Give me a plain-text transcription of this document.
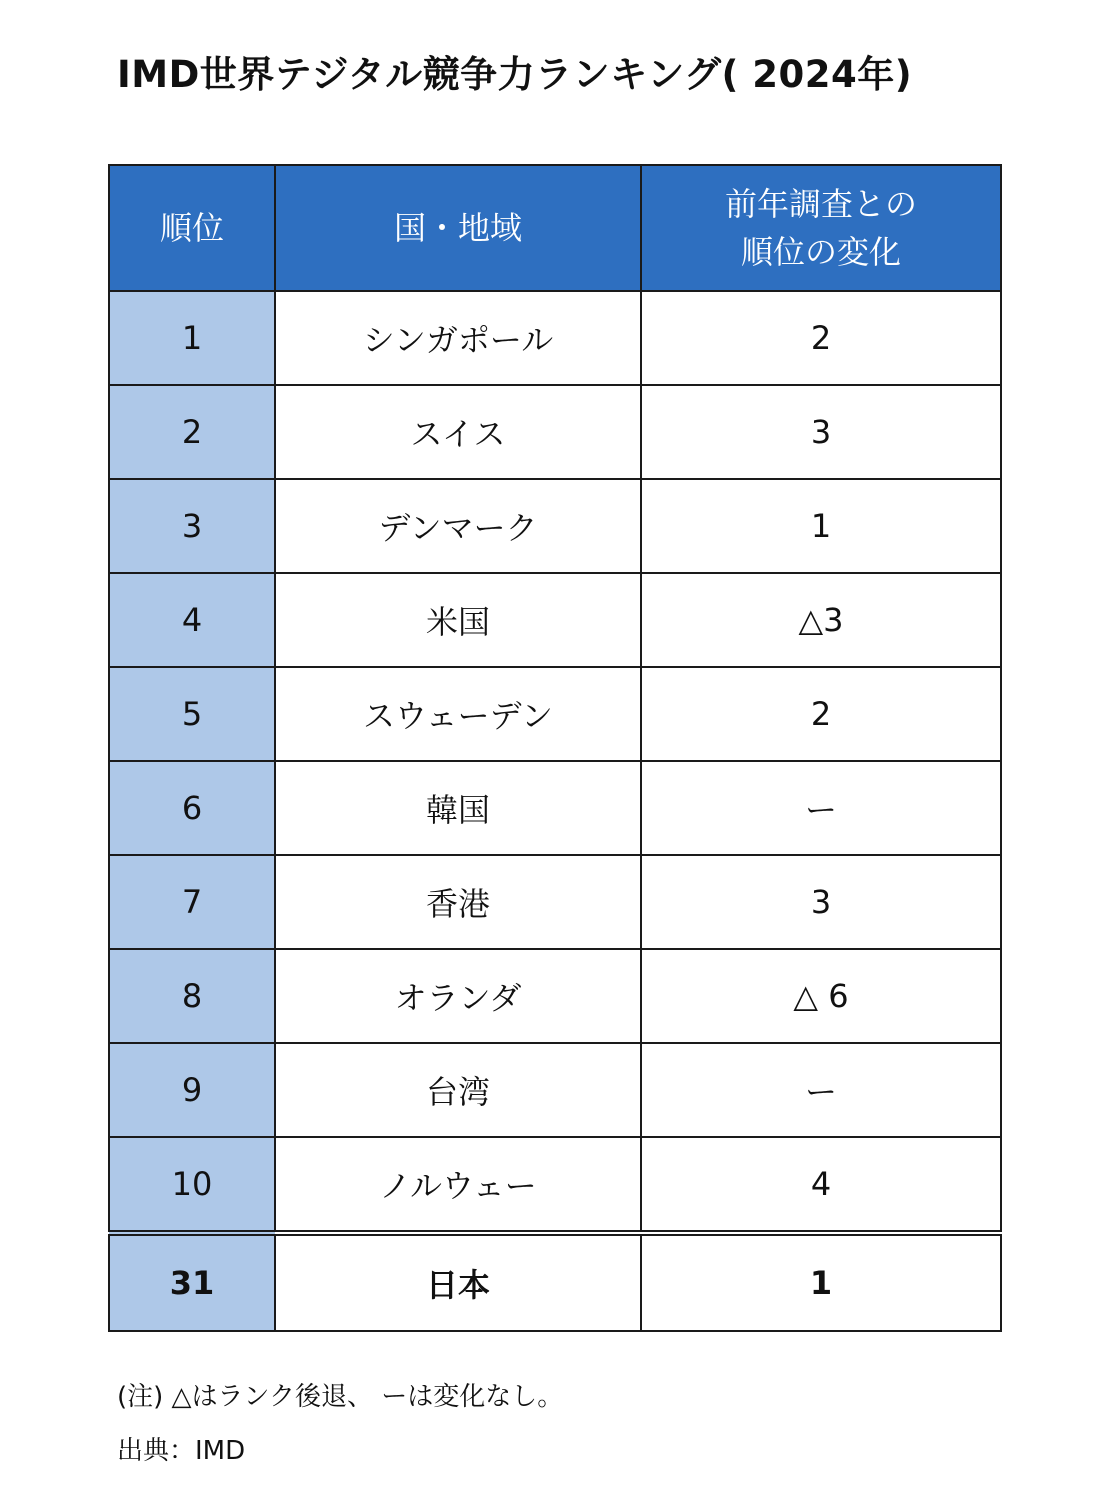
IMD世界テジタル競争力ランキング( 2024年)
順位	国・地域	前年調査との
順位の変化

1	シンガポール	2
2	スイス	3
3	デンマーク	1
4	米国	△3
5	スウェーデン	2
6	韓国	ー
7	香港	3
8	オランダ	△ 6
9	台湾	ー
10	ノルウェー	4
31	日本	1
(注) △はランク後退、 ーは変化なし。
出典：IMD
